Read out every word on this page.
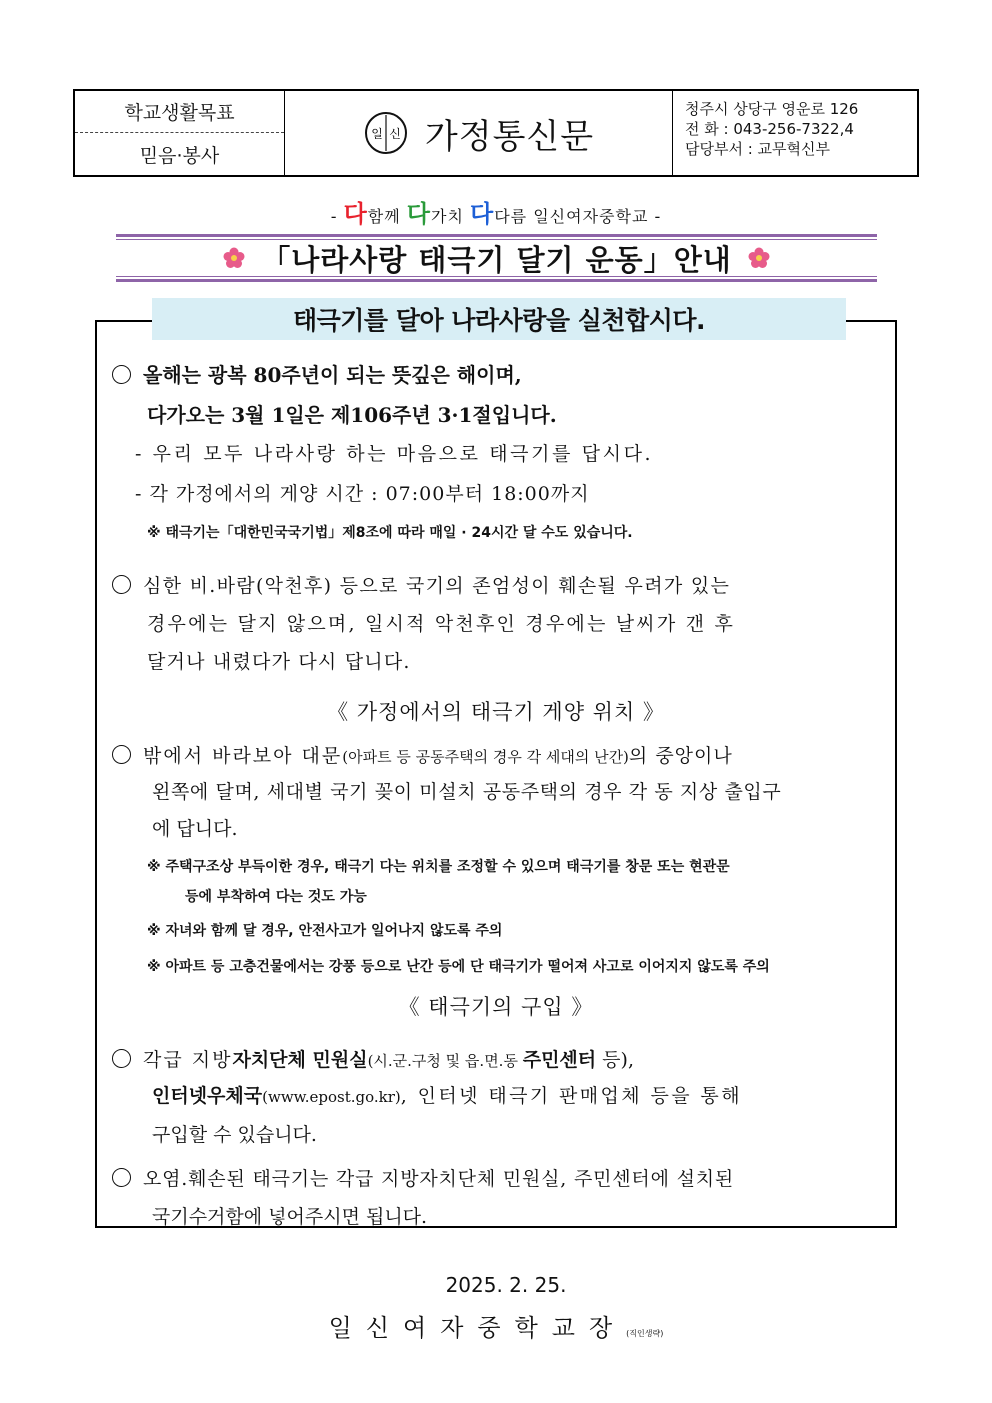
학교생활목표
믿음·봉사
일 신 가정통신문
청주시 상당구 영운로 126
전 화 : 043-256-7322,4
담당부서 : 교무혁신부
- 다함께 다가치 다다름 일신여자중학교 -
「나라사랑 태극기 달기 운동」안내
태극기를 달아 나라사랑을 실천합시다.
올해는 광복 80주년이 되는 뜻깊은 해이며,
다가오는 3월 1일은 제106주년 3·1절입니다.
- 우리 모두 나라사랑 하는 마음으로 태극기를 답시다.
- 각 가정에서의 게양 시간 : 07:00부터 18:00까지
※ 태극기는「대한민국국기법」제8조에 따라 매일 · 24시간 달 수도 있습니다.
심한 비.바람(악천후) 등으로 국기의 존엄성이 훼손될 우려가 있는
경우에는 달지 않으며, 일시적 악천후인 경우에는 날씨가 갠 후
달거나 내렸다가 다시 답니다.
《 가정에서의 태극기 게양 위치 》
밖에서 바라보아 대문(아파트 등 공동주택의 경우 각 세대의 난간)의 중앙이나
왼쪽에 달며, 세대별 국기 꽂이 미설치 공동주택의 경우 각 동 지상 출입구
에 답니다.
※ 주택구조상 부득이한 경우, 태극기 다는 위치를 조정할 수 있으며 태극기를 창문 또는 현관문
등에 부착하여 다는 것도 가능
※ 자녀와 함께 달 경우, 안전사고가 일어나지 않도록 주의
※ 아파트 등 고층건물에서는 강풍 등으로 난간 등에 단 태극기가 떨어져 사고로 이어지지 않도록 주의
《 태극기의 구입 》
각급 지방자치단체 민원실(시.군.구청 및 읍.면.동 주민센터 등),
인터넷우체국(www.epost.go.kr), 인터넷 태극기 판매업체 등을 통해
구입할 수 있습니다.
오염.훼손된 태극기는 각급 지방자치단체 민원실, 주민센터에 설치된
국기수거함에 넣어주시면 됩니다.
2025. 2. 25.
일신여자중학교장(직인생략)
